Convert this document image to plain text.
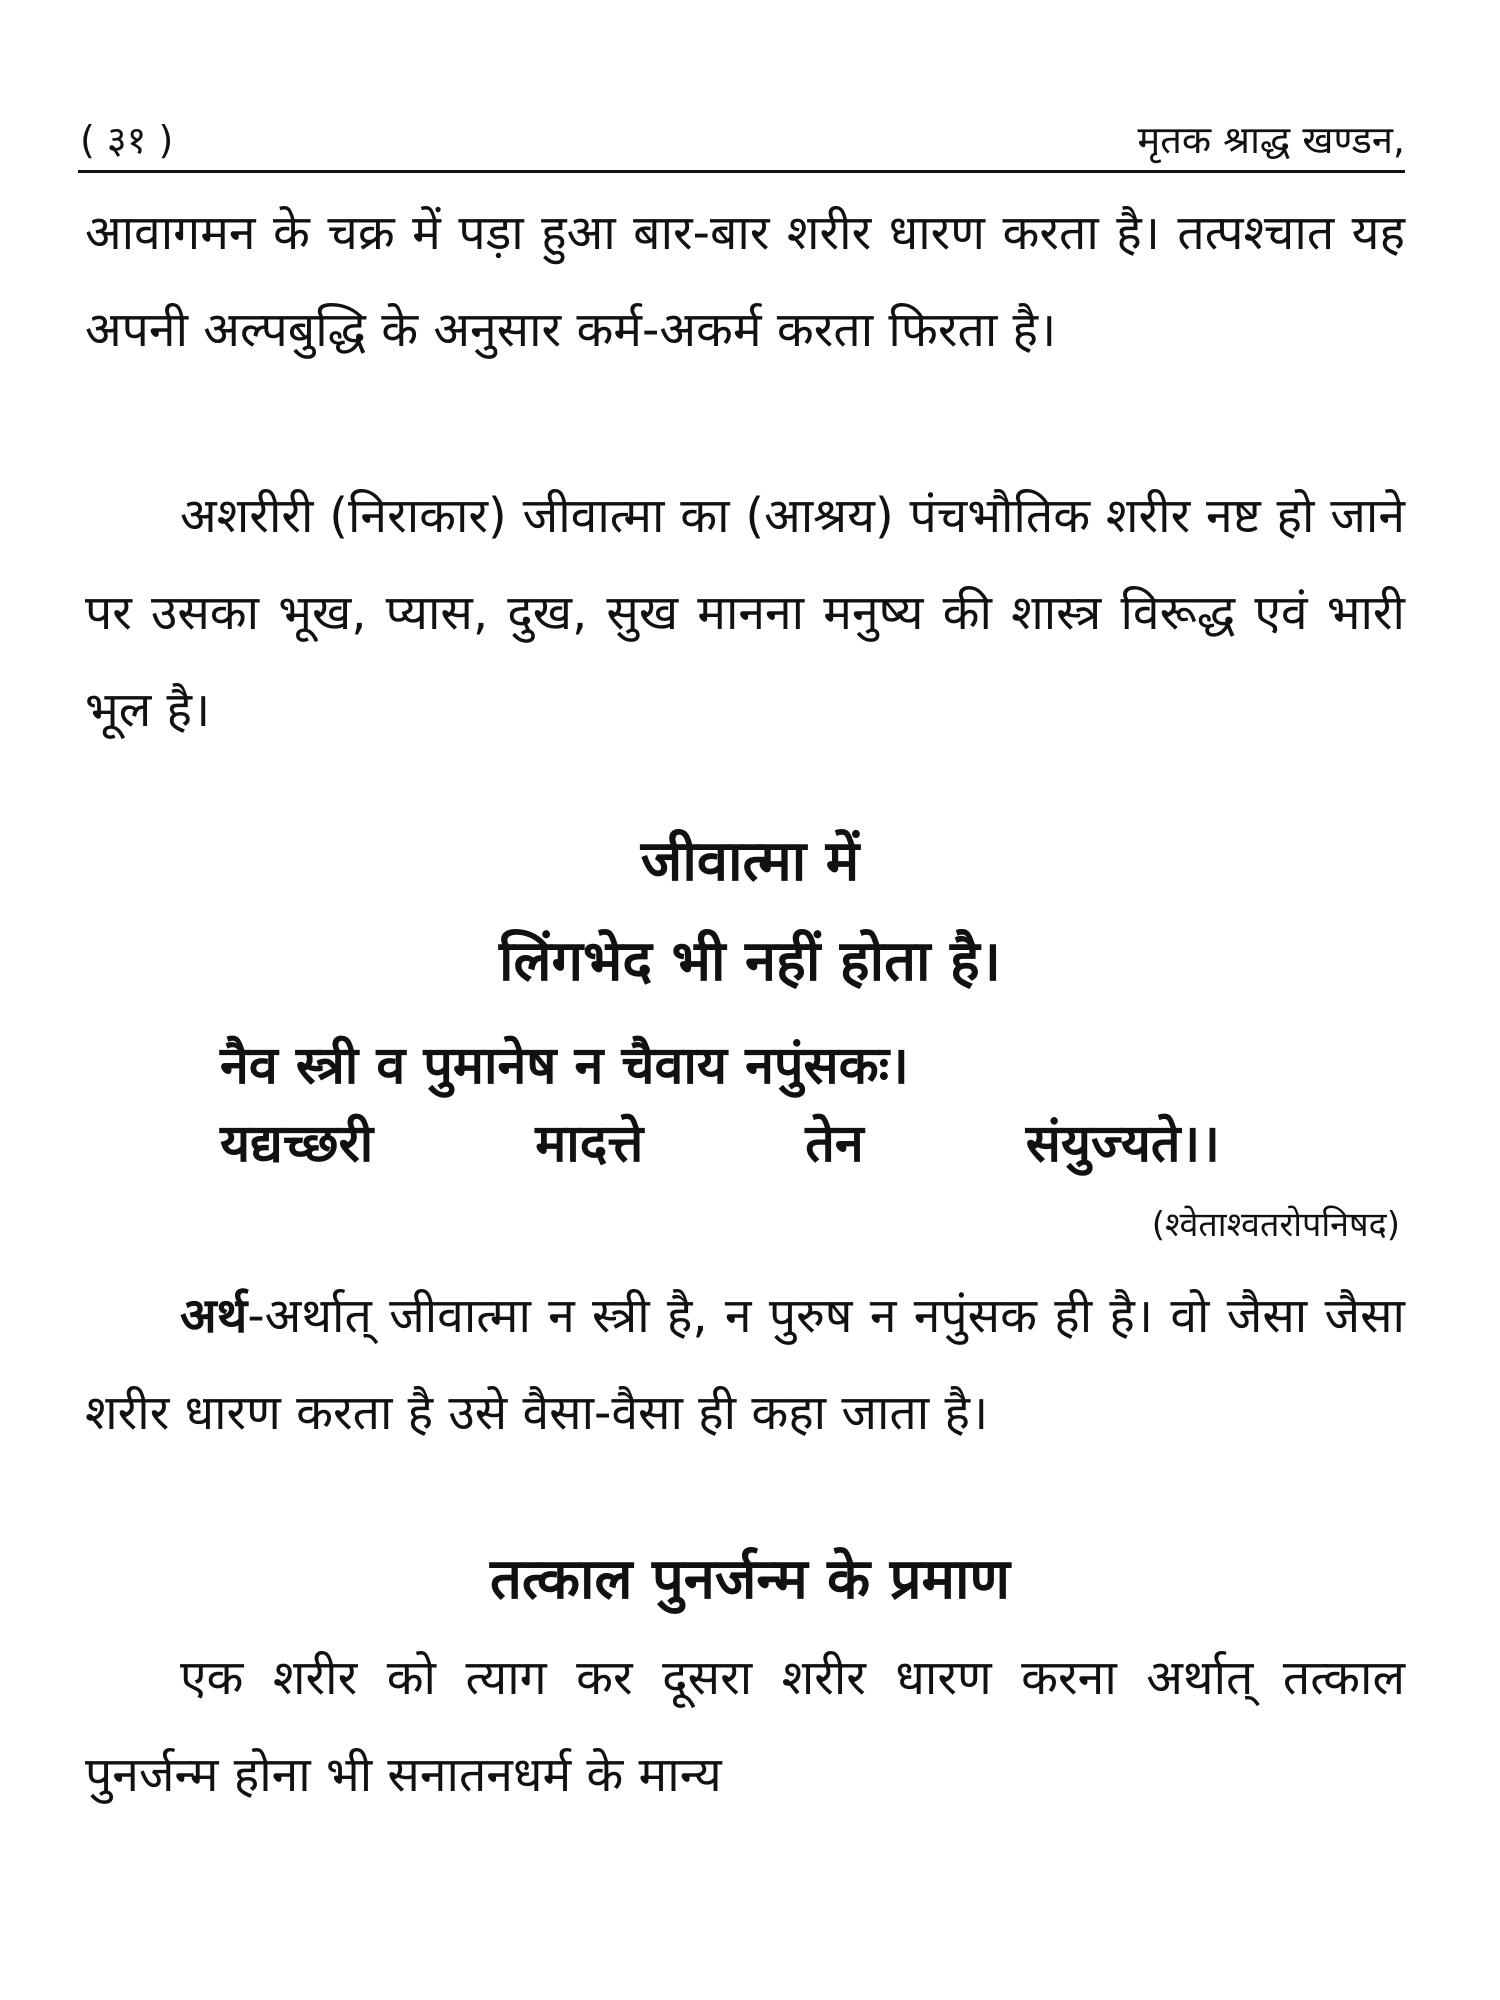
( ३१ )	मृतक श्राद्ध खण्डन,

आवागमन के चक्र में पड़ा हुआ बार-बार शरीर धारण करता है। तत्पश्चात यह अपनी अल्पबुद्धि के अनुसार कर्म-अकर्म करता फिरता है।

अशरीरी (निराकार) जीवात्मा का (आश्रय) पंचभौतिक शरीर नष्ट हो जाने पर उसका भूख, प्यास, दुख, सुख मानना मनुष्य की शास्त्र विरूद्ध एवं भारी भूल है।

जीवात्मा में
लिंगभेद भी नहीं होता है।
नैव स्त्री व पुमानेष न चैवाय नपुंसकः।
यद्यच्छरी	मादत्ते	तेन	संयुज्यते।।
(श्वेताश्वतरोपनिषद)

अर्थ-अर्थात् जीवात्मा न स्त्री है, न पुरुष न नपुंसक ही है। वो जैसा जैसा शरीर धारण करता है उसे वैसा-वैसा ही कहा जाता है।

तत्काल पुनर्जन्म के प्रमाण

एक शरीर को त्याग कर दूसरा शरीर धारण करना अर्थात् तत्काल पुनर्जन्म होना भी सनातनधर्म के मान्य
